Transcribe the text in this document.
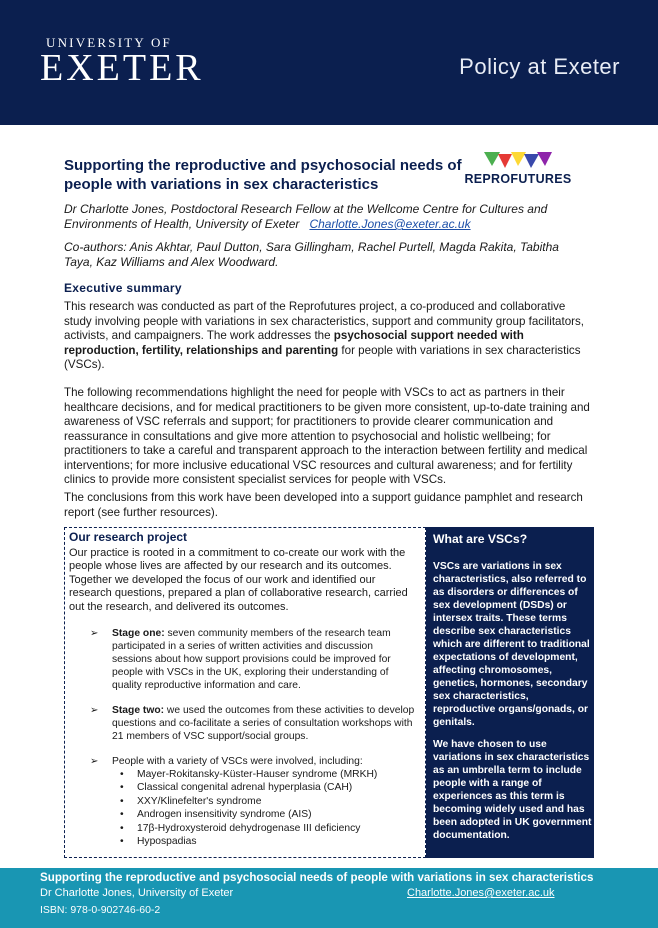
UNIVERSITY OF
EXETER	Policy at Exeter
Supporting the reproductive and psychosocial needs of people with variations in sex characteristics	REPROFUTURES

Dr Charlotte Jones, Postdoctoral Research Fellow at the Wellcome Centre for Cultures and Environments of Health, University of Exeter Charlotte.Jones@exeter.ac.uk

Co-authors: Anis Akhtar, Paul Dutton, Sara Gillingham, Rachel Purtell, Magda Rakita, Tabitha Taya, Kaz Williams and Alex Woodward.

Executive summary

This research was conducted as part of the Reprofutures project, a co-produced and collaborative study involving people with variations in sex characteristics, support and community group facilitators, activists, and campaigners. The work addresses the psychosocial support needed with reproduction, fertility, relationships and parenting for people with variations in sex characteristics (VSCs).

The following recommendations highlight the need for people with VSCs to act as partners in their healthcare decisions, and for medical practitioners to be given more consistent, up-to-date training and awareness of VSC referrals and support; for practitioners to provide clearer communication and reassurance in consultations and give more attention to psychosocial and holistic wellbeing; for practitioners to take a careful and transparent approach to the interaction between fertility and medical interventions; for more inclusive educational VSC resources and cultural awareness; and for fertility clinics to provide more consistent specialist services for people with VSCs.

The conclusions from this work have been developed into a support guidance pamphlet and research report (see further resources).

Our research project

Our practice is rooted in a commitment to co-create our work with the people whose lives are affected by our research and its outcomes. Together we developed the focus of our work and identified our research questions, prepared a plan of collaborative research, carried out the research, and delivered its outcomes.

➢	Stage one: seven community members of the research team participated in a series of written activities and discussion sessions about how support provisions could be improved for people with VSCs in the UK, exploring their understanding of quality reproductive information and care.

➢	Stage two: we used the outcomes from these activities to develop questions and co-facilitate a series of consultation workshops with 21 members of VSC support/social groups.

➢	People with a variety of VSCs were involved, including:

• Mayer-Rokitansky-Küster-Hauser syndrome (MRKH)
• Classical congenital adrenal hyperplasia (CAH)
• XXY/Klinefelter's syndrome
• Androgen insensitivity syndrome (AIS)
• 17β-Hydroxysteroid dehydrogenase III deficiency
• Hypospadias
What are VSCs?

VSCs are variations in sex characteristics, also referred to as disorders or differences of sex development (DSDs) or intersex traits. These terms describe sex characteristics which are different to traditional expectations of development, affecting chromosomes, genetics, hormones, secondary sex characteristics, reproductive organs/gonads, or genitals.

We have chosen to use variations in sex characteristics as an umbrella term to include people with a range of experiences as this term is becoming widely used and has been adopted in UK government documentation.

Supporting the reproductive and psychosocial needs of people with variations in sex characteristics

Dr Charlotte Jones, University of Exeter	Charlotte.Jones@exeter.ac.uk

ISBN: 978-0-902746-60-2
